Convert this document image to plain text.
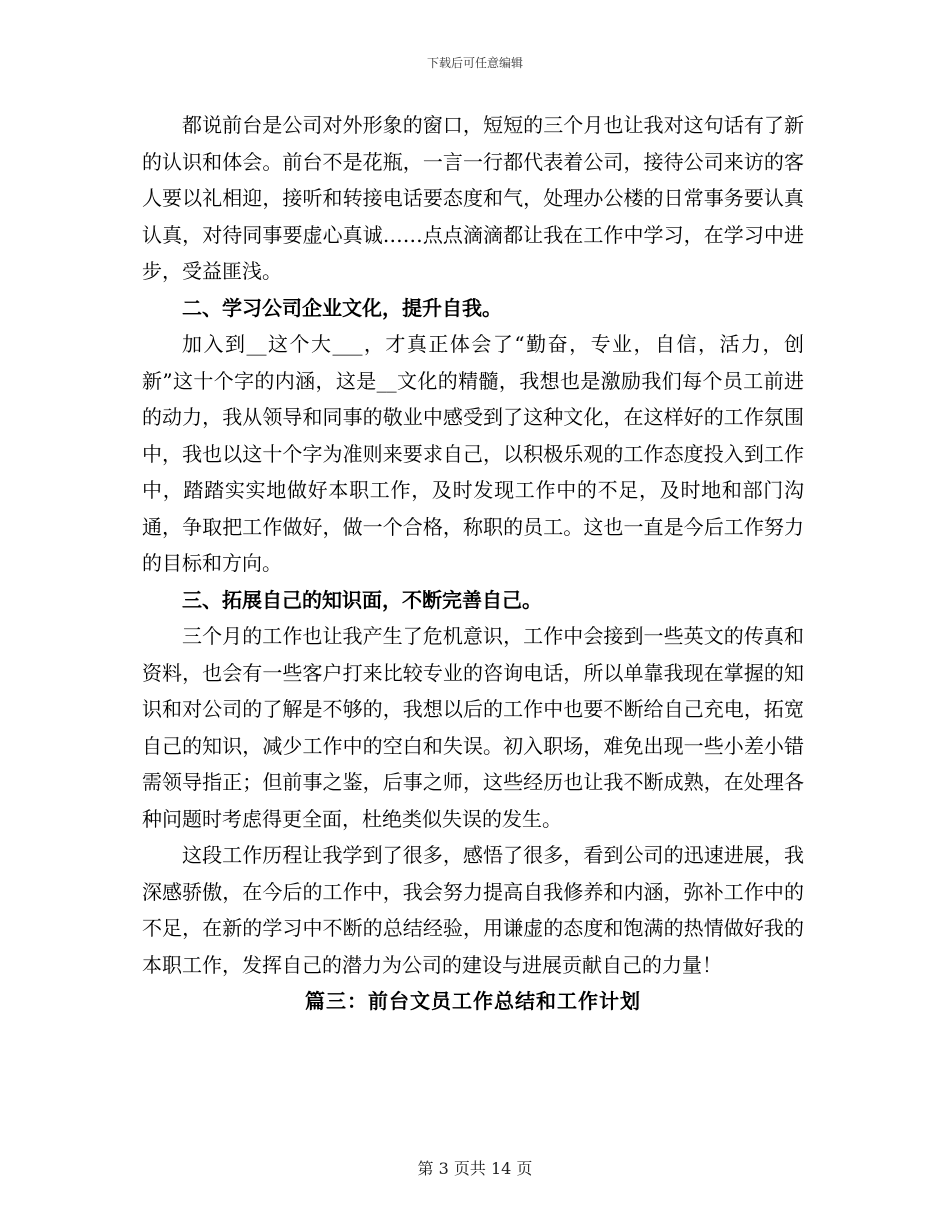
下载后可任意编辑

都说前台是公司对外形象的窗口，短短的三个月也让我对这句话有了新的认识和体会。前台不是花瓶，一言一行都代表着公司，接待公司来访的客人要以礼相迎，接听和转接电话要态度和气，处理办公楼的日常事务要认真认真，对待同事要虚心真诚……点点滴滴都让我在工作中学习，在学习中进步，受益匪浅。

二、学习公司企业文化，提升自我。

加入到__这个大___，才真正体会了“勤奋，专业，自信，活力，创新”这十个字的内涵，这是__文化的精髓，我想也是激励我们每个员工前进的动力，我从领导和同事的敬业中感受到了这种文化，在这样好的工作氛围中，我也以这十个字为准则来要求自己，以积极乐观的工作态度投入到工作中，踏踏实实地做好本职工作，及时发现工作中的不足，及时地和部门沟通，争取把工作做好，做一个合格，称职的员工。这也一直是今后工作努力的目标和方向。

三、拓展自己的知识面，不断完善自己。

三个月的工作也让我产生了危机意识，工作中会接到一些英文的传真和资料，也会有一些客户打来比较专业的咨询电话，所以单靠我现在掌握的知识和对公司的了解是不够的，我想以后的工作中也要不断给自己充电，拓宽自己的知识，减少工作中的空白和失误。初入职场，难免出现一些小差小错需领导指正；但前事之鉴，后事之师，这些经历也让我不断成熟，在处理各种问题时考虑得更全面，杜绝类似失误的发生。

这段工作历程让我学到了很多，感悟了很多，看到公司的迅速进展，我深感骄傲，在今后的工作中，我会努力提高自我修养和内涵，弥补工作中的不足，在新的学习中不断的总结经验，用谦虚的态度和饱满的热情做好我的本职工作，发挥自己的潜力为公司的建设与进展贡献自己的力量！

篇三：前台文员工作总结和工作计划

第 3 页共 14 页
